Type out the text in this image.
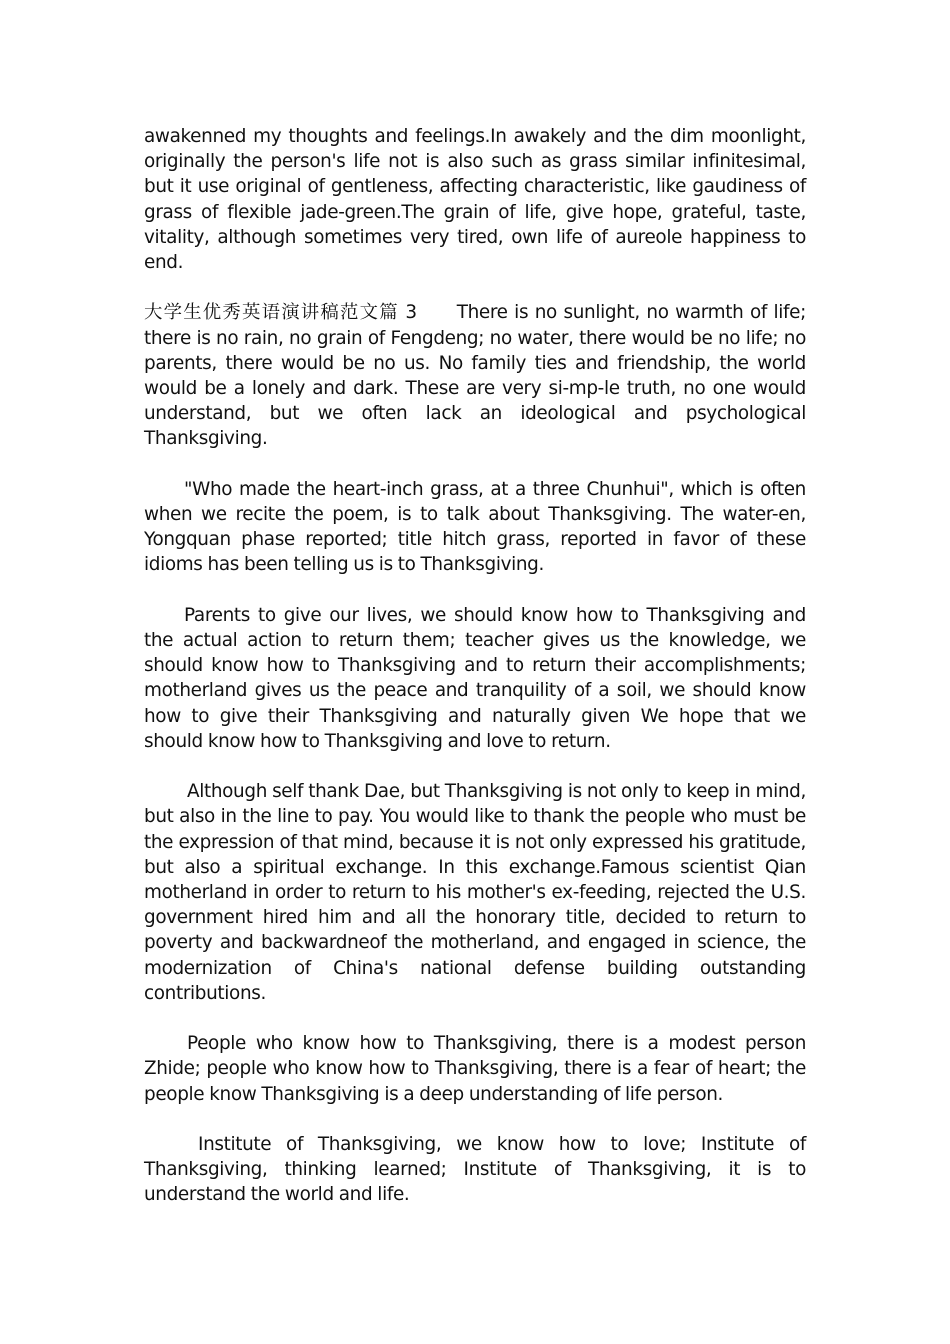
awakenned my thoughts and feelings.In awakely and the dim moonlight, originally the person's life not is also such as grass similar infinitesimal, but it use original of gentleness, affecting characteristic, like gaudiness of grass of flexible jade-green.The grain of life, give hope, grateful, taste, vitality, although sometimes very tired, own life of aureole happiness to end.

大学生优秀英语演讲稿范文篇 3 There is no sunlight, no warmth of life; there is no rain, no grain of Fengdeng; no water, there would be no life; no parents, there would be no us. No family ties and friendship, the world would be a lonely and dark. These are very si-mp-le truth, no one would understand, but we often lack an ideological and psychological Thanksgiving.

"Who made the heart-inch grass, at a three Chunhui", which is often when we recite the poem, is to talk about Thanksgiving. The water-en, Yongquan phase reported; title hitch grass, reported in favor of these idioms has been telling us is to Thanksgiving.

Parents to give our lives, we should know how to Thanksgiving and the actual action to return them; teacher gives us the knowledge, we should know how to Thanksgiving and to return their accomplishments; motherland gives us the peace and tranquility of a soil, we should know how to give their Thanksgiving and naturally given We hope that we should know how to Thanksgiving and love to return.

Although self thank Dae, but Thanksgiving is not only to keep in mind, but also in the line to pay. You would like to thank the people who must be the expression of that mind, because it is not only expressed his gratitude, but also a spiritual exchange. In this exchange.Famous scientist Qian motherland in order to return to his mother's ex-feeding, rejected the U.S. government hired him and all the honorary title, decided to return to poverty and backwardneof the motherland, and engaged in science, the modernization of China's national defense building outstanding contributions.

People who know how to Thanksgiving, there is a modest person Zhide; people who know how to Thanksgiving, there is a fear of heart; the people know Thanksgiving is a deep understanding of life person.

Institute of Thanksgiving, we know how to love; Institute of Thanksgiving, thinking learned; Institute of Thanksgiving, it is to understand the world and life.
